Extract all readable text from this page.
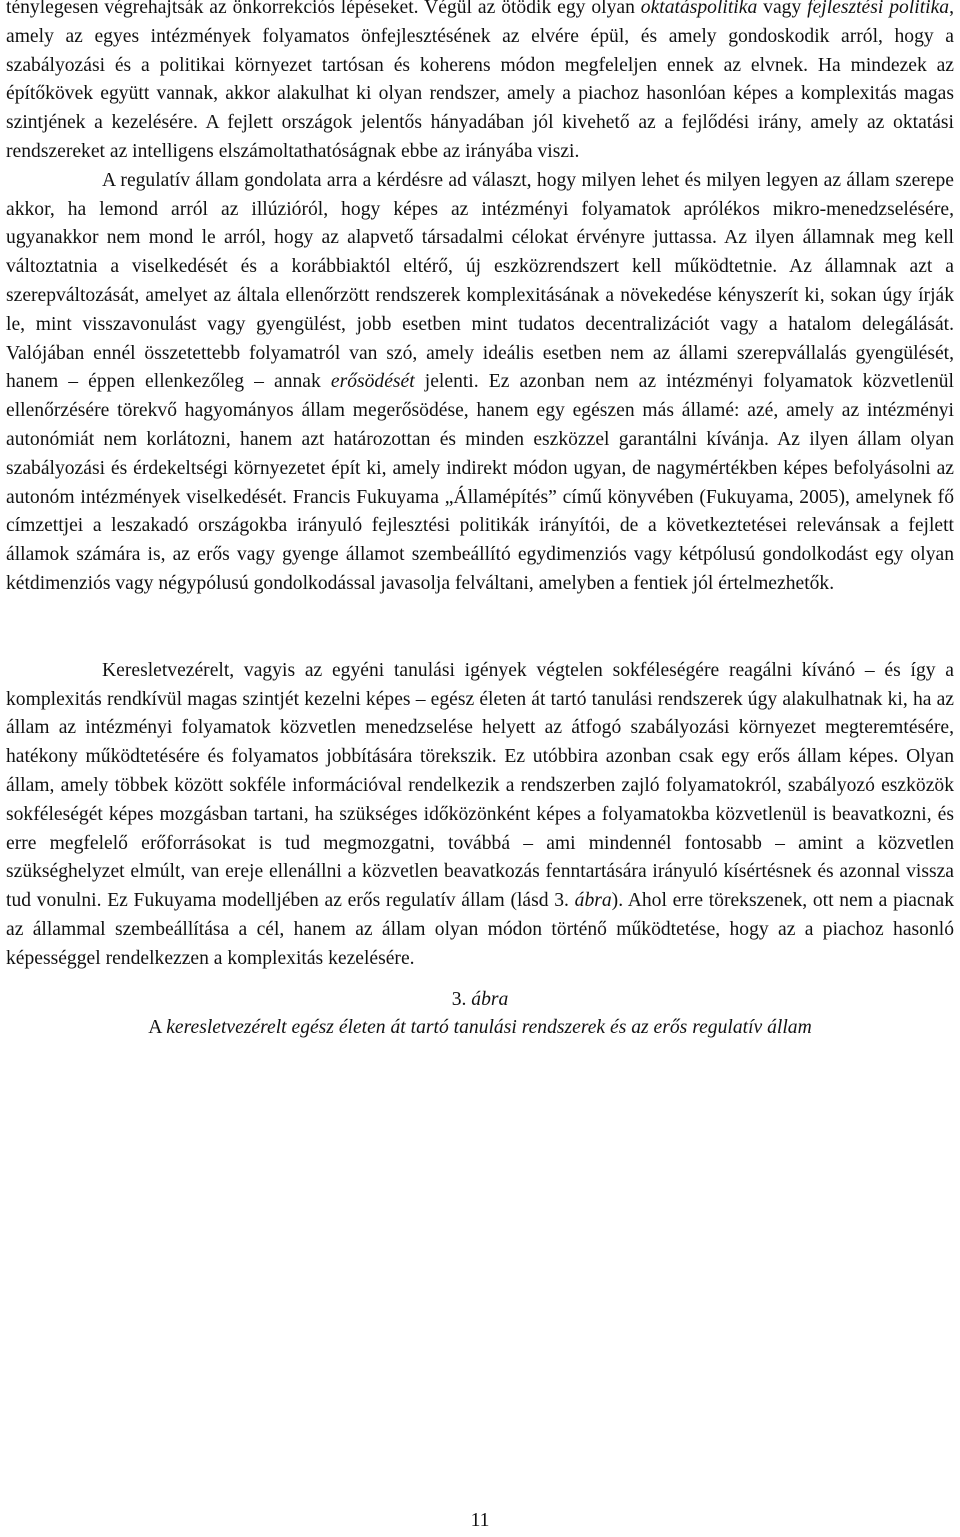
ténylegesen végrehajtsák az önkorrekciós lépéseket. Végül az ötödik egy olyan oktatáspolitika vagy fejlesztési politika, amely az egyes intézmények folyamatos önfejlesztésének az elvére épül, és amely gondoskodik arról, hogy a szabályozási és a politikai környezet tartósan és koherens módon megfeleljen ennek az elvnek. Ha mindezek az építőkövek együtt vannak, akkor alakulhat ki olyan rendszer, amely a piachoz hasonlóan képes a komplexitás magas szintjének a kezelésére. A fejlett országok jelentős hányadában jól kivehető az a fejlődési irány, amely az oktatási rendszereket az intelligens elszámoltathatóságnak ebbe az irányába viszi.

A regulatív állam gondolata arra a kérdésre ad választ, hogy milyen lehet és milyen legyen az állam szerepe akkor, ha lemond arról az illúzióról, hogy képes az intézményi folyamatok aprólékos mikro-menedzselésére, ugyanakkor nem mond le arról, hogy az alapvető társadalmi célokat érvényre juttassa. Az ilyen államnak meg kell változtatnia a viselkedését és a korábbiaktól eltérő, új eszközrendszert kell működtetnie. Az államnak azt a szerepváltozását, amelyet az általa ellenőrzött rendszerek komplexitásának a növekedése kényszerít ki, sokan úgy írják le, mint visszavonulást vagy gyengülést, jobb esetben mint tudatos decentralizációt vagy a hatalom delegálását. Valójában ennél összetettebb folyamatról van szó, amely ideális esetben nem az állami szerepvállalás gyengülését, hanem – éppen ellenkezőleg – annak erősödését jelenti. Ez azonban nem az intézményi folyamatok közvetlenül ellenőrzésére törekvő hagyományos állam megerősödése, hanem egy egészen más államé: azé, amely az intézményi autonómiát nem korlátozni, hanem azt határozottan és minden eszközzel garantálni kívánja. Az ilyen állam olyan szabályozási és érdekeltségi környezetet épít ki, amely indirekt módon ugyan, de nagymértékben képes befolyásolni az autonóm intézmények viselkedését. Francis Fukuyama „Államépítés” című könyvében (Fukuyama, 2005), amelynek fő címzettjei a leszakadó országokba irányuló fejlesztési politikák irányítói, de a következtetései relevánsak a fejlett államok számára is, az erős vagy gyenge államot szembeállító egydimenziós vagy kétpólusú gondolkodást egy olyan kétdimenziós vagy négypólusú gondolkodással javasolja felváltani, amelyben a fentiek jól értelmezhetők.

Keresletvezérelt, vagyis az egyéni tanulási igények végtelen sokféleségére reagálni kívánó – és így a komplexitás rendkívül magas szintjét kezelni képes – egész életen át tartó tanulási rendszerek úgy alakulhatnak ki, ha az állam az intézményi folyamatok közvetlen menedzselése helyett az átfogó szabályozási környezet megteremtésére, hatékony működtetésére és folyamatos jobbítására törekszik. Ez utóbbira azonban csak egy erős állam képes. Olyan állam, amely többek között sokféle információval rendelkezik a rendszerben zajló folyamatokról, szabályozó eszközök sokféleségét képes mozgásban tartani, ha szükséges időközönként képes a folyamatokba közvetlenül is beavatkozni, és erre megfelelő erőforrásokat is tud megmozgatni, továbbá – ami mindennél fontosabb – amint a közvetlen szükséghelyzet elmúlt, van ereje ellenállni a közvetlen beavatkozás fenntartására irányuló kísértésnek és azonnal vissza tud vonulni. Ez Fukuyama modelljében az erős regulatív állam (lásd 3. ábra). Ahol erre törekszenek, ott nem a piacnak az állammal szembeállítása a cél, hanem az állam olyan módon történő működtetése, hogy az a piachoz hasonló képességgel rendelkezzen a komplexitás kezelésére.

3. ábra
A keresletvezérelt egész életen át tartó tanulási rendszerek és az erős regulatív állam
11
